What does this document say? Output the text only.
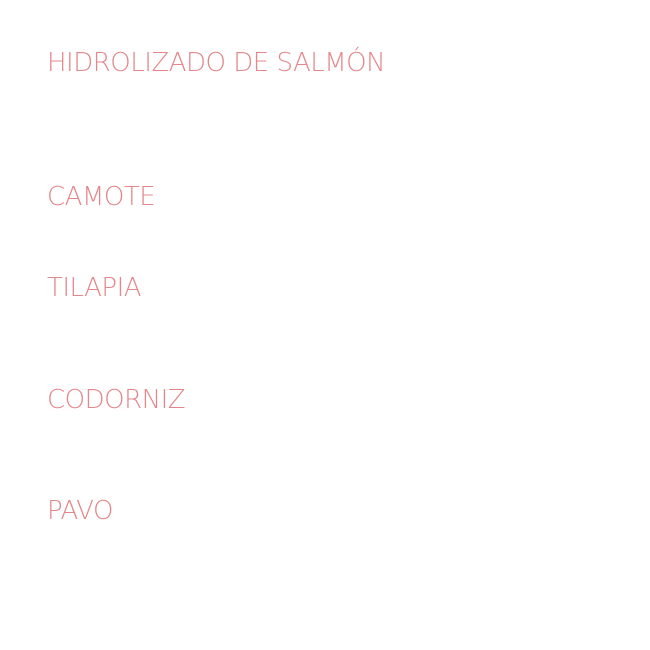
HIDROLIZADO DE SALMÓN
CAMOTE
TILAPIA
CODORNIZ
PAVO
